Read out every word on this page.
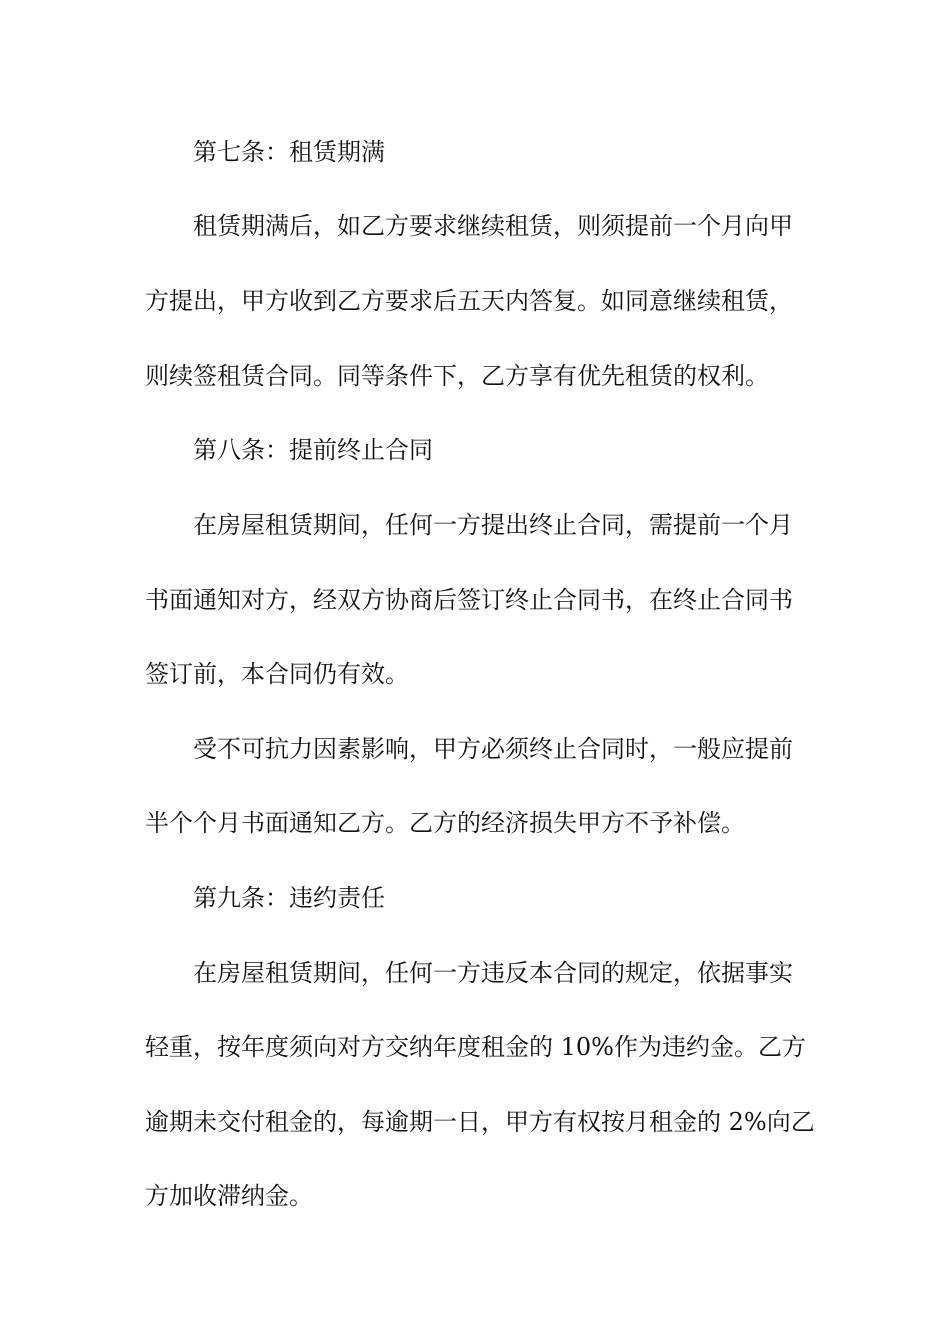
第七条：租赁期满
租赁期满后，如乙方要求继续租赁，则须提前一个月向甲
方提出，甲方收到乙方要求后五天内答复。如同意继续租赁，
则续签租赁合同。同等条件下，乙方享有优先租赁的权利。
第八条：提前终止合同
在房屋租赁期间，任何一方提出终止合同，需提前一个月
书面通知对方，经双方协商后签订终止合同书，在终止合同书
签订前，本合同仍有效。
受不可抗力因素影响，甲方必须终止合同时，一般应提前
半个个月书面通知乙方。乙方的经济损失甲方不予补偿。
第九条：违约责任
在房屋租赁期间，任何一方违反本合同的规定，依据事实
轻重，按年度须向对方交纳年度租金的 10%作为违约金。乙方
逾期未交付租金的，每逾期一日，甲方有权按月租金的 2%向乙
方加收滞纳金。
